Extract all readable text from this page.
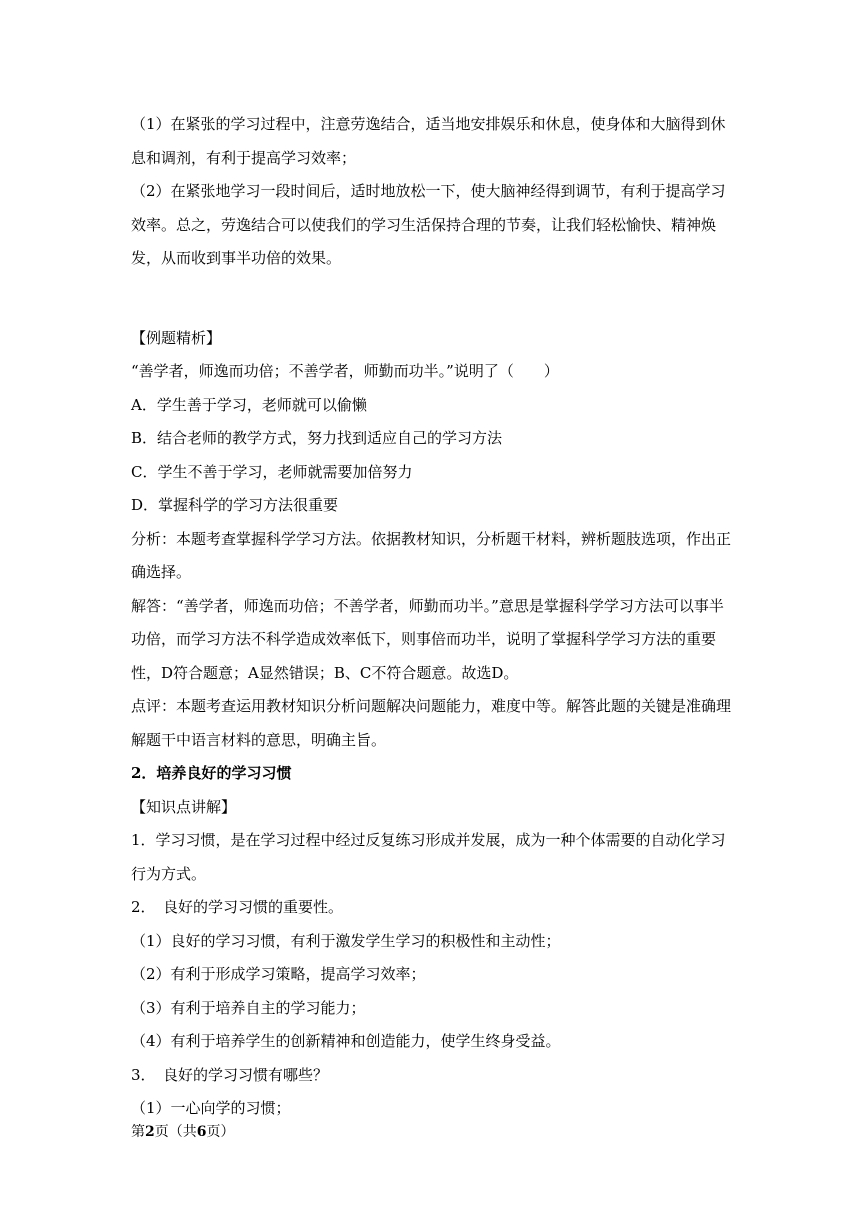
（1）在紧张的学习过程中，注意劳逸结合，适当地安排娱乐和休息，使身体和大脑得到休息和调剂，有利于提高学习效率；

（2）在紧张地学习一段时间后，适时地放松一下，使大脑神经得到调节，有利于提高学习效率。总之，劳逸结合可以使我们的学习生活保持合理的节奏，让我们轻松愉快、精神焕发，从而收到事半功倍的效果。

【例题精析】

“善学者，师逸而功倍；不善学者，师勤而功半。”说明了（　　）

A．学生善于学习，老师就可以偷懒

B．结合老师的教学方式，努力找到适应自己的学习方法

C．学生不善于学习，老师就需要加倍努力

D．掌握科学的学习方法很重要

分析：本题考查掌握科学学习方法。依据教材知识，分析题干材料，辨析题肢选项，作出正确选择。

解答：“善学者，师逸而功倍；不善学者，师勤而功半。”意思是掌握科学学习方法可以事半功倍，而学习方法不科学造成效率低下，则事倍而功半，说明了掌握科学学习方法的重要性，D符合题意；A显然错误；B、C不符合题意。故选D。

点评：本题考查运用教材知识分析问题解决问题能力，难度中等。解答此题的关键是准确理解题干中语言材料的意思，明确主旨。

2．培养良好的学习习惯

【知识点讲解】

1．学习习惯，是在学习过程中经过反复练习形成并发展，成为一种个体需要的自动化学习行为方式。

2．　良好的学习习惯的重要性。

（1）良好的学习习惯，有利于激发学生学习的积极性和主动性；

（2）有利于形成学习策略，提高学习效率；

（3）有利于培养自主的学习能力；

（4）有利于培养学生的创新精神和创造能力，使学生终身受益。

3．　良好的学习习惯有哪些？

（1）一心向学的习惯；

第2页（共6页）
